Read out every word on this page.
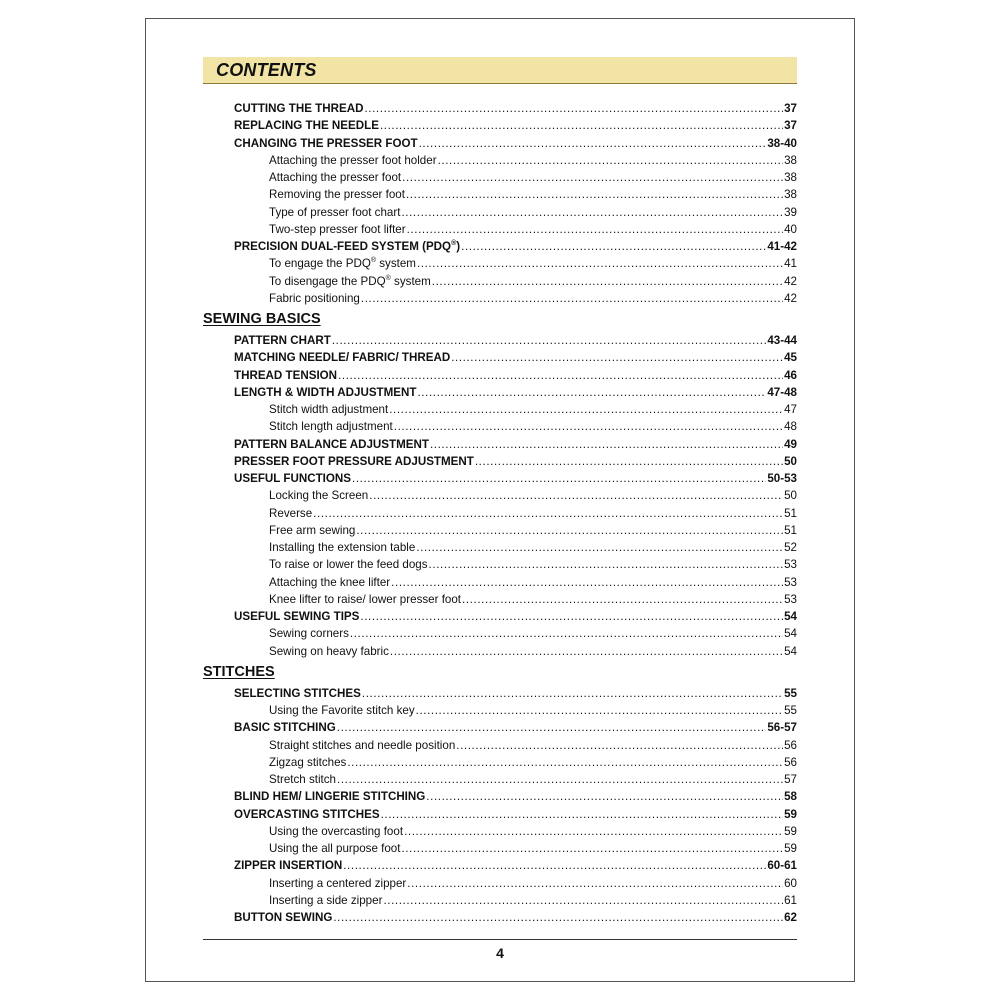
CONTENTS
CUTTING THE THREAD .....	37
REPLACING THE NEEDLE .....	37
CHANGING THE PRESSER FOOT .....	38-40
Attaching the presser foot holder .....	38
Attaching the presser foot .....	38
Removing the presser foot .....	38
Type of presser foot chart .....	39
Two-step presser foot lifter .....	40
PRECISION DUAL-FEED SYSTEM (PDQ®) .....	41-42
To engage the PDQ® system .....	41
To disengage the PDQ® system .....	42
Fabric positioning .....	42
SEWING BASICS
PATTERN CHART .....	43-44
MATCHING NEEDLE/ FABRIC/ THREAD .....	45
THREAD TENSION .....	46
LENGTH & WIDTH ADJUSTMENT .....	47-48
Stitch width adjustment .....	47
Stitch length adjustment .....	48
PATTERN BALANCE ADJUSTMENT .....	49
PRESSER FOOT PRESSURE ADJUSTMENT .....	50
USEFUL FUNCTIONS .....	50-53
Locking the Screen .....	50
Reverse .....	51
Free arm sewing .....	51
Installing the extension table .....	52
To raise or lower the feed dogs .....	53
Attaching the knee lifter .....	53
Knee lifter to raise/ lower presser foot .....	53
USEFUL SEWING TIPS .....	54
Sewing corners .....	54
Sewing on heavy fabric .....	54
STITCHES
SELECTING STITCHES .....	55
Using the Favorite stitch key .....	55
BASIC STITCHING .....	56-57
Straight stitches and needle position .....	56
Zigzag stitches .....	56
Stretch stitch .....	57
BLIND HEM/ LINGERIE STITCHING .....	58
OVERCASTING STITCHES .....	59
Using the overcasting foot .....	59
Using the all purpose foot .....	59
ZIPPER INSERTION .....	60-61
Inserting a centered zipper .....	60
Inserting a side zipper .....	61
BUTTON SEWING .....	62
4
